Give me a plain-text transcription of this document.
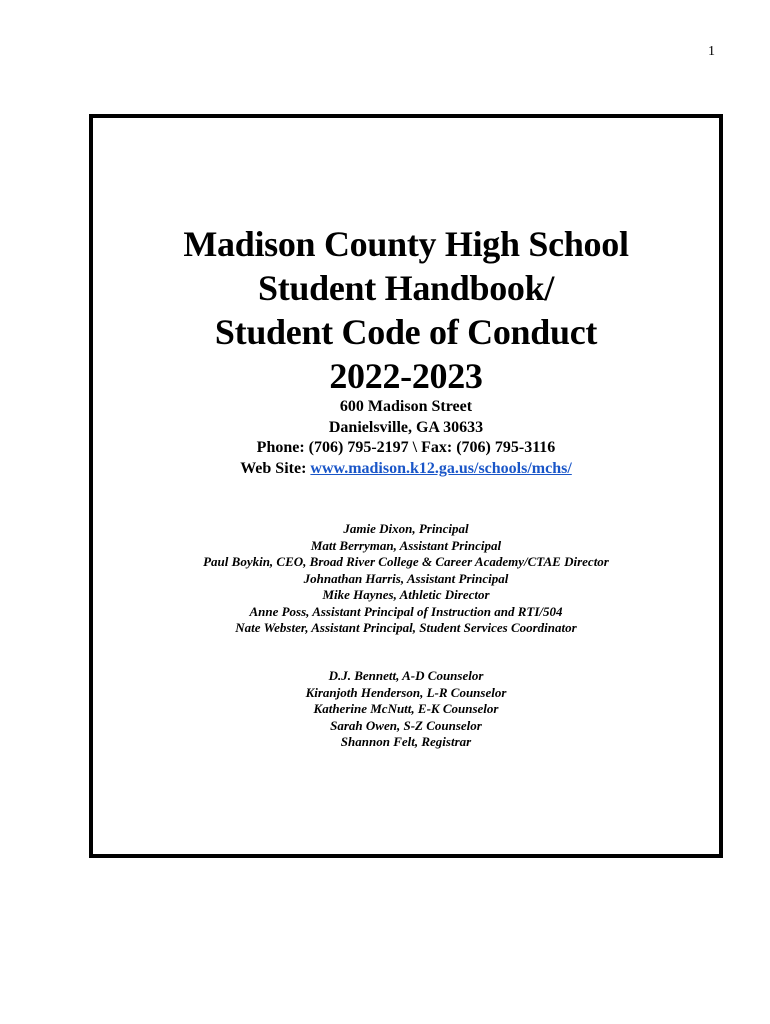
1
Madison County High School
Student Handbook/
Student Code of Conduct
2022-2023
600 Madison Street
Danielsville, GA 30633
Phone: (706) 795-2197 \ Fax: (706) 795-3116
Web Site: www.madison.k12.ga.us/schools/mchs/
Jamie Dixon, Principal
Matt Berryman, Assistant Principal
Paul Boykin, CEO, Broad River College & Career Academy/CTAE Director
Johnathan Harris, Assistant Principal
Mike Haynes, Athletic Director
Anne Poss, Assistant Principal of Instruction and RTI/504
Nate Webster, Assistant Principal, Student Services Coordinator
D.J. Bennett, A-D Counselor
Kiranjoth Henderson, L-R Counselor
Katherine McNutt, E-K Counselor
Sarah Owen, S-Z Counselor
Shannon Felt, Registrar
